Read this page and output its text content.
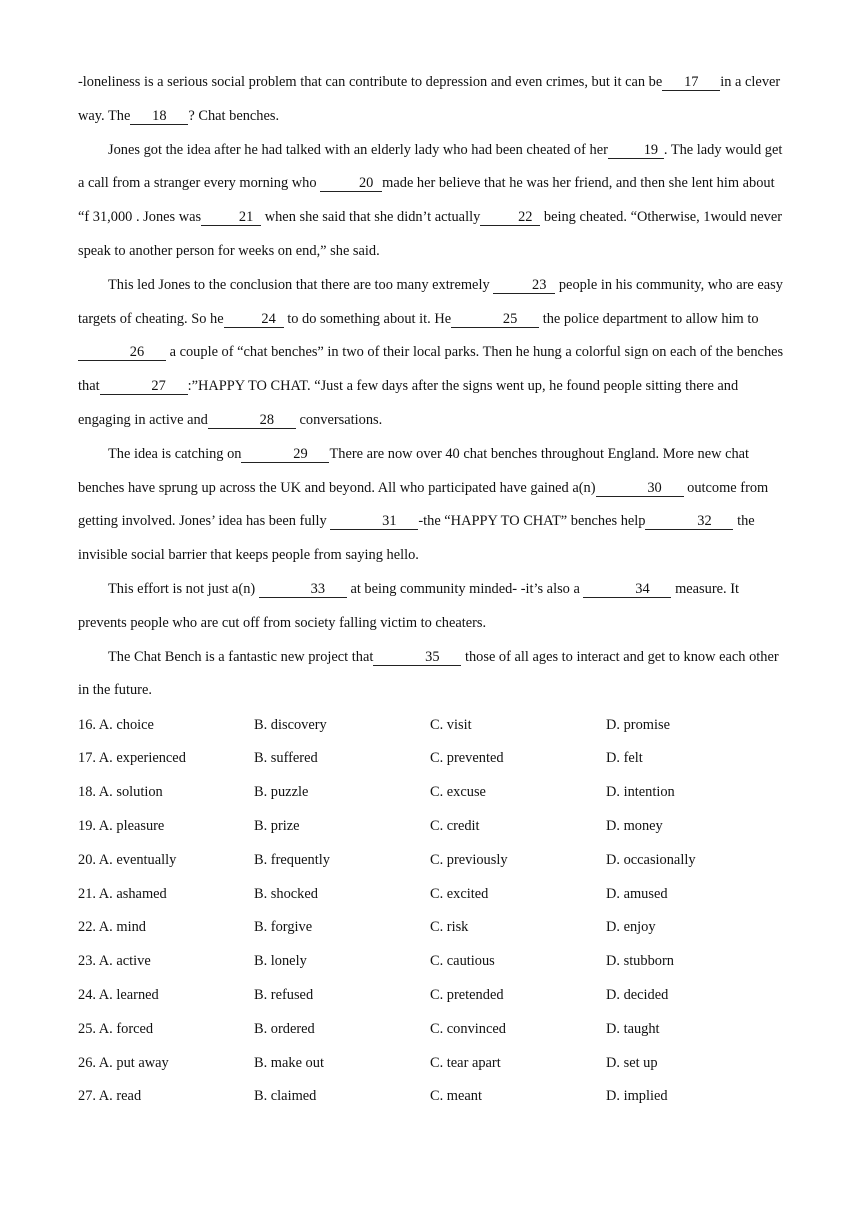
-loneliness is a serious social problem that can contribute to depression and even crimes, but it can be 17 in a clever way. The 18 ? Chat benches.

Jones got the idea after he had talked with an elderly lady who had been cheated of her 19 . The lady would get a call from a stranger every morning who	20 made her believe that he was her friend, and then she lent him about “f 31,000 . Jones was	21 when she said that she didn’t actually	22 being cheated. “Otherwise, 1would never speak to another person for weeks on end,” she said.

This led Jones to the conclusion that there are too many extremely	23 people in his community, who are easy targets of cheating. So he	24 to do something about it. He	25 the police department to allow him to 26 a couple of “chat benches” in two of their local parks. Then he hung a colorful sign on each of the benches that	27 :”HAPPY TO CHAT. “Just a few days after the signs went up, he found people sitting there and engaging in active and	28 conversations.

The idea is catching on	29 There are now over 40 chat benches throughout England. More new chat benches have sprung up across the UK and beyond. All who participated have gained a(n)	30 outcome from getting involved. Jones’ idea has been fully	31 -the “HAPPY TO CHAT” benches help	32 the invisible social barrier that keeps people from saying hello.

This effort is not just a(n)	33 at being community minded- -it’s also a	34 measure. It prevents people who are cut off from society falling victim to cheaters.

The Chat Bench is a fantastic new project that	35 those of all ages to interact and get to know each other in the future.

16. A. choice	B. discovery	C. visit	D. promise
17. A. experienced	B. suffered	C. prevented	D. felt
18. A. solution	B. puzzle	C. excuse	D. intention
19. A. pleasure	B. prize	C. credit	D. money
20. A. eventually	B. frequently	C. previously	D. occasionally
21. A. ashamed	B. shocked	C. excited	D. amused
22. A. mind	B. forgive	C. risk	D. enjoy
23. A. active	B. lonely	C. cautious	D. stubborn
24. A. learned	B. refused	C. pretended	D. decided
25. A. forced	B. ordered	C. convinced	D. taught
26. A. put away	B. make out	C. tear apart	D. set up
27. A. read	B. claimed	C. meant	D. implied
